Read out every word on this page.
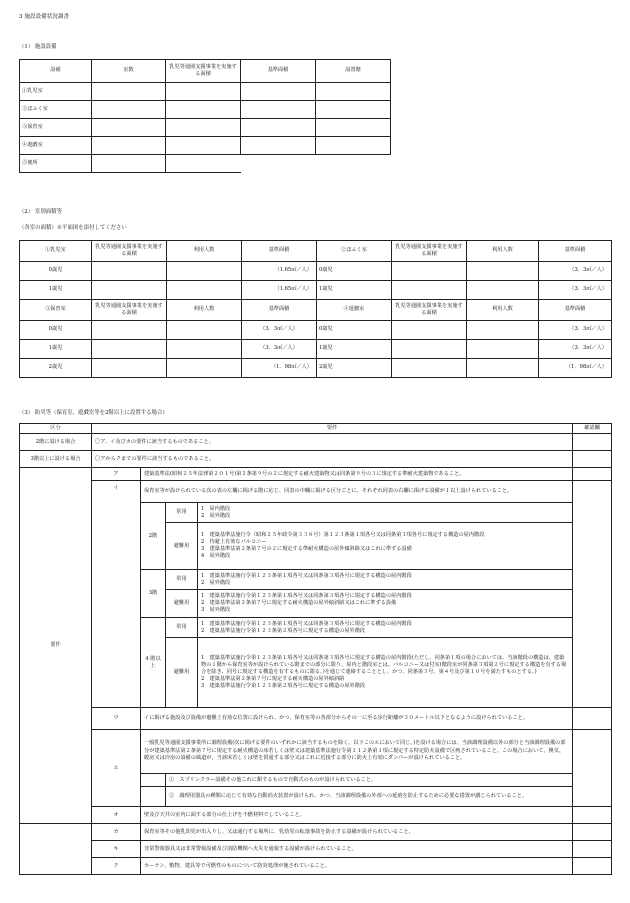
3 施設設備状況調書
（1） 施設設備
設備	室数	乳児等通園支援事業を実施する面積	基準面積	設置階
①乳児室				
②ほふく室				
③保育室				
④遊戯室				
⑤便所				
（2） 室別面積等
（各室の面積）※平面図を添付してください
①乳児室	乳児等通園支援事業を実施する面積	利用人数	基準面積	②ほふく室	乳児等通園支援事業を実施する面積	利用人数	基準面積
0歳児			（1.65㎡／人）	0歳児			（3．3㎡／人）
1歳児			（1.65㎡／人）	1歳児			（3．3㎡／人）
③保育室	乳児等通園支援事業を実施する面積	利用人数	基準面積	④遊戯室	乳児等通園支援事業を実施する面積	利用人数	基準面積
0歳児			（3．3㎡／人）	0歳児			（3．3㎡／人）
1歳児			（3．3㎡／人）	1歳児			（3．3㎡／人）
2歳児			（1．98㎡／人）	2歳児			（1．98㎡／人）
（3） 防災等（保育室、遊戯室等を2階以上に設置する場合）
区分	要件				確認欄
2階に設ける場合	〇ア、イ及びカの要件に該当するものであること。				
3階以上に設ける場合	〇アからクまでの要件に該当するものであること。				
要件	ア	建築基準法(昭和２５年法律第２０１号)第２条第９号の２に規定する耐火建築物又は同条第９号の３に規定する準耐火建築物であること。			
	イ	保育室等が設けられている次の表の左欄に掲げる階に応じ、同表の中欄に掲げる区分ごとに、それぞれ同表の右欄に掲げる設備が１以上設けられていること。			
		2階	常用	1　屋内階段
2　屋外階段	

			避難用	1　建築基準法施行令（昭和２５年政令第３３８号）第１２３条第１項各号又は同条第３項各号に規定する構造の屋内階段
2　待避上有効なバルコニー
3　建築基準法第２条第７号の２に規定する準耐火構造の屋外傾斜路又はこれに準ずる設備
4　屋外階段	

		3階	常用	1　建築基準法施行令第１２３条第１項各号又は同条第３項各号に規定する構造の屋内階段
2　屋外階段	

			避難用	1　建築基準法施行令第１２３条第１項各号又は同条第３項各号に規定する構造の屋内階段
2　建築基準法第２条第７号に規定する耐火構造の屋外傾斜路又はこれに準ずる設備
3　屋外階段	

		4 階以上	常用	1　建築基準法施行令第１２３条第１項各号又は同条第３項各号に規定する構造の屋内階段
2　建築基準法施行令第１２３条第２項各号に規定する構造の屋外階段	

			避難用	1　建築基準法施行令第１２３条第１項各号又は同条第３項各号に規定する構造の屋内階段(ただし、同条第１項の場合においては、当該階段の構造は、建築物の１階から保育室等が設けられている階までの部分に限り、屋内と階段室とは、バルコニー又は付室(階段室が同条第３項第２号に規定する構造を有する場合を除き、同号に規定する構造を有するものに限る。)を通じて連絡することとし、かつ、同条第３号、第４号及び第１０号を満たすものとする。)
2　建築基準法第２条第７号に規定する耐火構造の屋外傾斜路
3　建築基準法施行令第１２３条第２項各号に規定する構造の屋外階段	

	ウ	イに掲げる施設及び設備が避難上有効な位置に設けられ、かつ、保育室等の各部分からその一に至る歩行距離が３０メートル以下となるように設けられていること。			
	エ	一般乳児等通園支援事業所に調理設備(次に掲げる要件のいずれかに該当するものを除く。以下このエにおいて同じ。)を設ける場合には、当該調理設備以外の部分と当該調理設備の部分が建築基準法第２条第７号に規定する耐火構造の床若しくは壁又は建築基準法施行令第１１２条第１項に規定する特定防火設備で区画されていること。この場合において、換気、暖房又は冷房の設備の風道が、当該床若しくは壁を貫通する部分又はこれに近接する部分に防火上有効にダンパーが設けられていること。			
			①　スプリンクラー設備その他これに類するもので自動式のものが設けられていること。		
			②　調理用器具の種類に応じて有効な自動消火装置が設けられ、かつ、当該調理設備の外部への延焼を防止するために必要な措置が講じられていること。		
	オ	壁及び天井の室内に面する部分の仕上げを不燃材料でしていること。			
	カ	保育室等その他乳幼児が出入りし、又は通行する場所に、乳幼児の転落事故を防止する設備が設けられていること。			
	キ	非常警報器具又は非常警報設備及び消防機関へ火災を通報する設備が設けられていること。			
	ク	カーテン、敷物、建具等で可燃性のものについて防炎処理が施されていること。			
